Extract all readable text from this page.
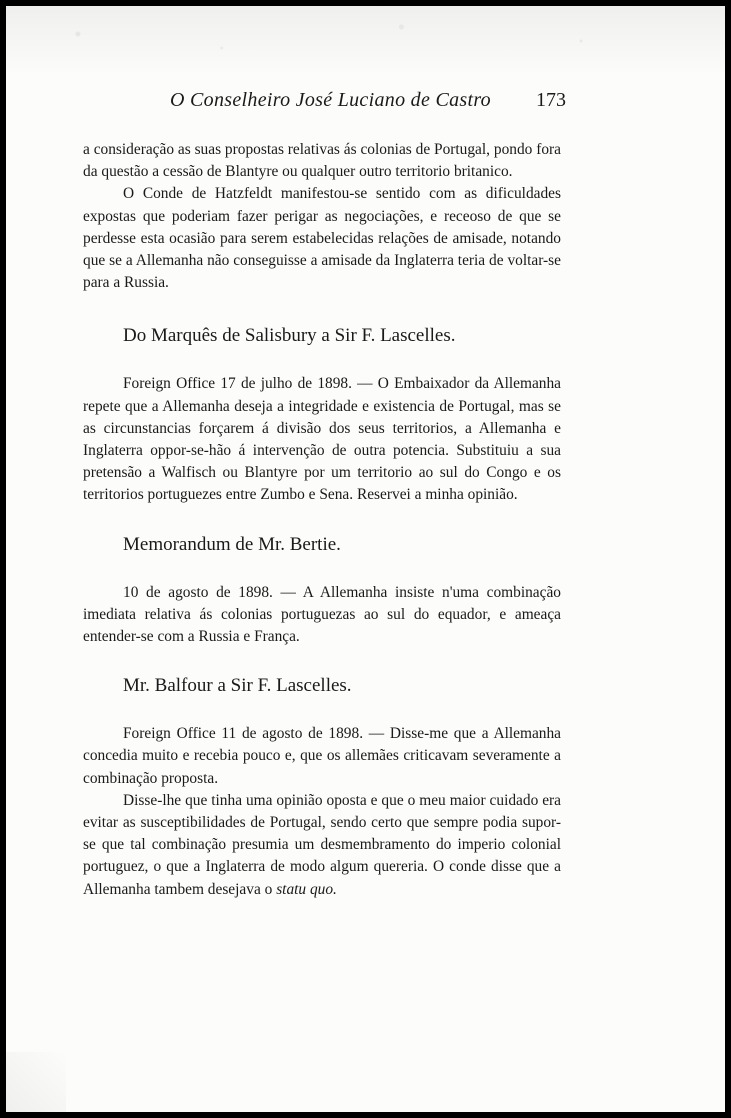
O Conselheiro José Luciano de Castro 173

a consideração as suas propostas relativas ás colonias de Portugal, pondo fora da questão a cessão de Blantyre ou qualquer outro territorio britanico.

O Conde de Hatzfeldt manifestou-se sentido com as dificuldades expostas que poderiam fazer perigar as negociações, e receoso de que se perdesse esta ocasião para serem estabelecidas relações de amisade, notando que se a Allemanha não conseguisse a amisade da Inglaterra teria de voltar-se para a Russia.

Do Marquês de Salisbury a Sir F. Lascelles.

Foreign Office 17 de julho de 1898. — O Embaixador da Allemanha repete que a Allemanha deseja a integridade e existencia de Portugal, mas se as circunstancias forçarem á divisão dos seus territorios, a Allemanha e Inglaterra oppor-se-hão á intervenção de outra potencia. Substituiu a sua pretensão a Walfisch ou Blantyre por um territorio ao sul do Congo e os territorios portuguezes entre Zumbo e Sena. Reservei a minha opinião.

Memorandum de Mr. Bertie.

10 de agosto de 1898. — A Allemanha insiste n'uma combinação imediata relativa ás colonias portuguezas ao sul do equador, e ameaça entender-se com a Russia e França.

Mr. Balfour a Sir F. Lascelles.

Foreign Office 11 de agosto de 1898. — Disse-me que a Allemanha concedia muito e recebia pouco e, que os allemães criticavam severamente a combinação proposta.

Disse-lhe que tinha uma opinião oposta e que o meu maior cuidado era evitar as susceptibilidades de Portugal, sendo certo que sempre podia supor-se que tal combinação presumia um desmembramento do imperio colonial portuguez, o que a Inglaterra de modo algum quereria. O conde disse que a Allemanha tambem desejava o statu quo.
